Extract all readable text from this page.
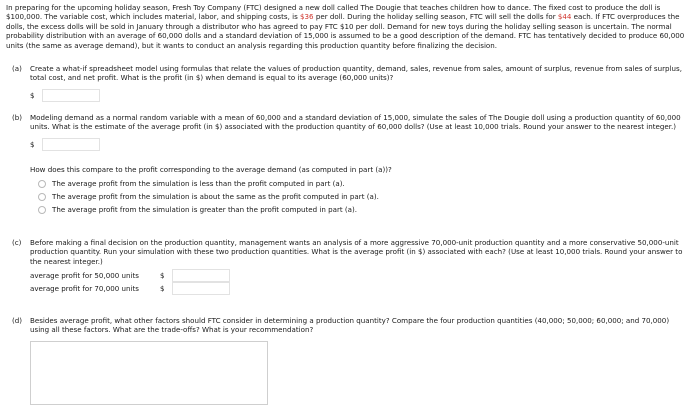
In preparing for the upcoming holiday season, Fresh Toy Company (FTC) designed a new doll called The Dougie that teaches children how to dance. The fixed cost to produce the doll is $100,000. The variable cost, which includes material, labor, and shipping costs, is $36 per doll. During the holiday selling season, FTC will sell the dolls for $44 each. If FTC overproduces the dolls, the excess dolls will be sold in January through a distributor who has agreed to pay FTC $10 per doll. Demand for new toys during the holiday selling season is uncertain. The normal probability distribution with an average of 60,000 dolls and a standard deviation of 15,000 is assumed to be a good description of the demand. FTC has tentatively decided to produce 60,000 units (the same as average demand), but it wants to conduct an analysis regarding this production quantity before finalizing the decision.
(a) Create a what-if spreadsheet model using formulas that relate the values of production quantity, demand, sales, revenue from sales, amount of surplus, revenue from sales of surplus, total cost, and net profit. What is the profit (in $) when demand is equal to its average (60,000 units)?
$
(b) Modeling demand as a normal random variable with a mean of 60,000 and a standard deviation of 15,000, simulate the sales of The Dougie doll using a production quantity of 60,000 units. What is the estimate of the average profit (in $) associated with the production quantity of 60,000 dolls? (Use at least 10,000 trials. Round your answer to the nearest integer.)
$
How does this compare to the profit corresponding to the average demand (as computed in part (a))?
The average profit from the simulation is less than the profit computed in part (a).
The average profit from the simulation is about the same as the profit computed in part (a).
The average profit from the simulation is greater than the profit computed in part (a).
(c) Before making a final decision on the production quantity, management wants an analysis of a more aggressive 70,000-unit production quantity and a more conservative 50,000-unit production quantity. Run your simulation with these two production quantities. What is the average profit (in $) associated with each? (Use at least 10,000 trials. Round your answer to the nearest integer.)
average profit for 50,000 units	$
average profit for 70,000 units	$
(d) Besides average profit, what other factors should FTC consider in determining a production quantity? Compare the four production quantities (40,000; 50,000; 60,000; and 70,000) using all these factors. What are the trade-offs? What is your recommendation?
